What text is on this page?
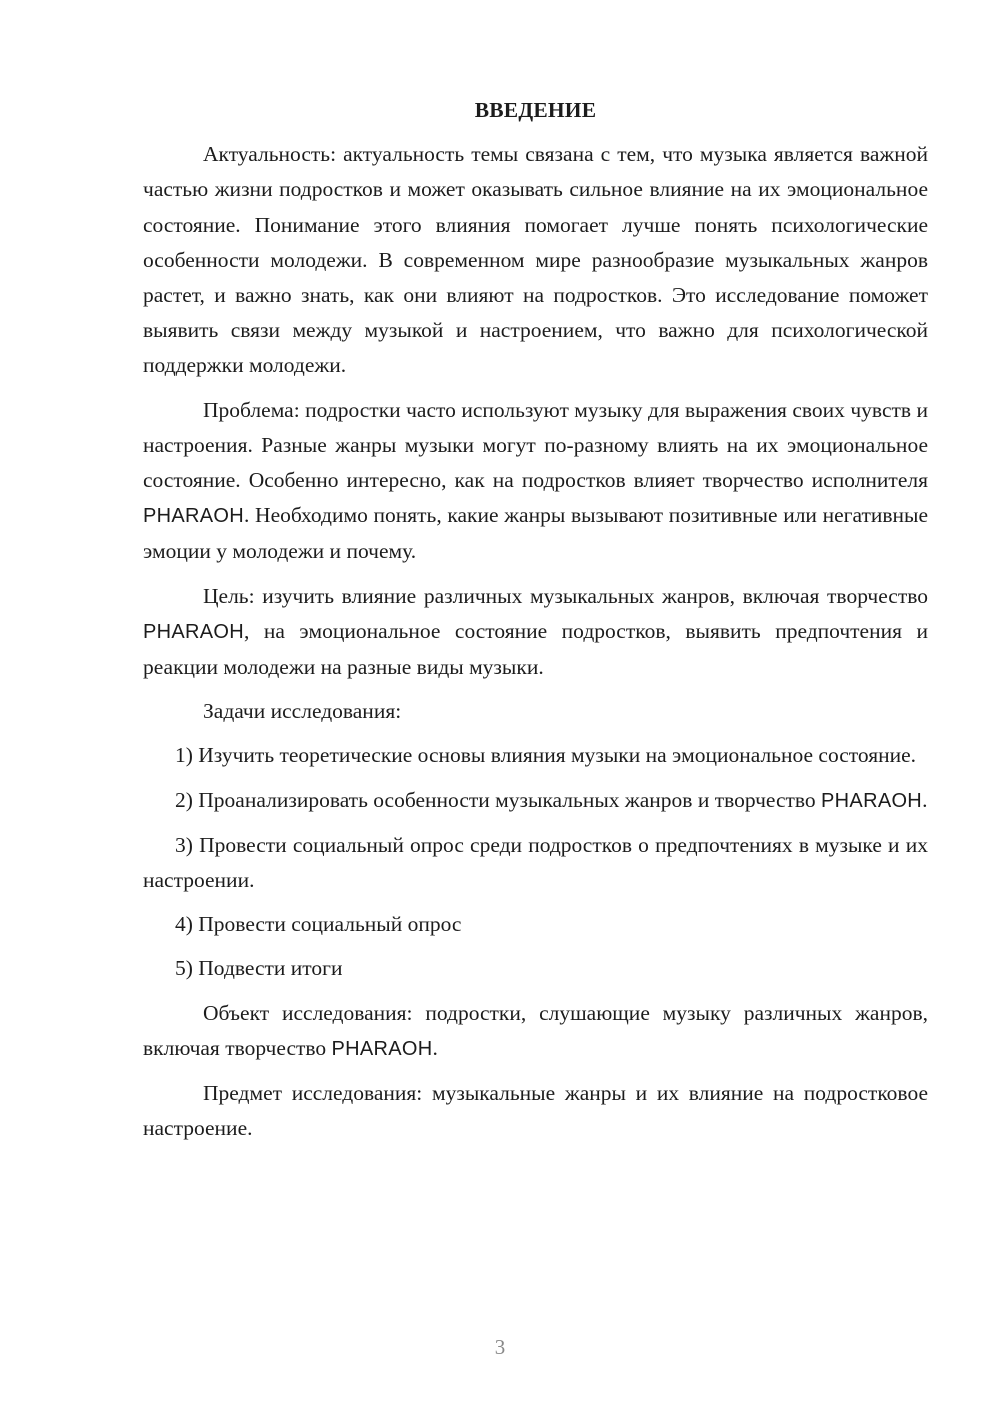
ВВЕДЕНИЕ

Актуальность: актуальность темы связана с тем, что музыка является важной частью жизни подростков и может оказывать сильное влияние на их эмоциональное состояние. Понимание этого влияния помогает лучше понять психологические особенности молодежи. В современном мире разнообразие музыкальных жанров растет, и важно знать, как они влияют на подростков. Это исследование поможет выявить связи между музыкой и настроением, что важно для психологической поддержки молодежи.

Проблема: подростки часто используют музыку для выражения своих чувств и настроения. Разные жанры музыки могут по-разному влиять на их эмоциональное состояние. Особенно интересно, как на подростков влияет творчество исполнителя PHARAOH. Необходимо понять, какие жанры вызывают позитивные или негативные эмоции у молодежи и почему.

Цель: изучить влияние различных музыкальных жанров, включая творчество PHARAOH, на эмоциональное состояние подростков, выявить предпочтения и реакции молодежи на разные виды музыки.

Задачи исследования:

1) Изучить теоретические основы влияния музыки на эмоциональное состояние.

2) Проанализировать особенности музыкальных жанров и творчество PHARAOH.

3) Провести социальный опрос среди подростков о предпочтениях в музыке и их настроении.

4) Провести социальный опрос

5) Подвести итоги

Объект исследования: подростки, слушающие музыку различных жанров, включая творчество PHARAOH.

Предмет исследования: музыкальные жанры и их влияние на подростковое настроение.

3
